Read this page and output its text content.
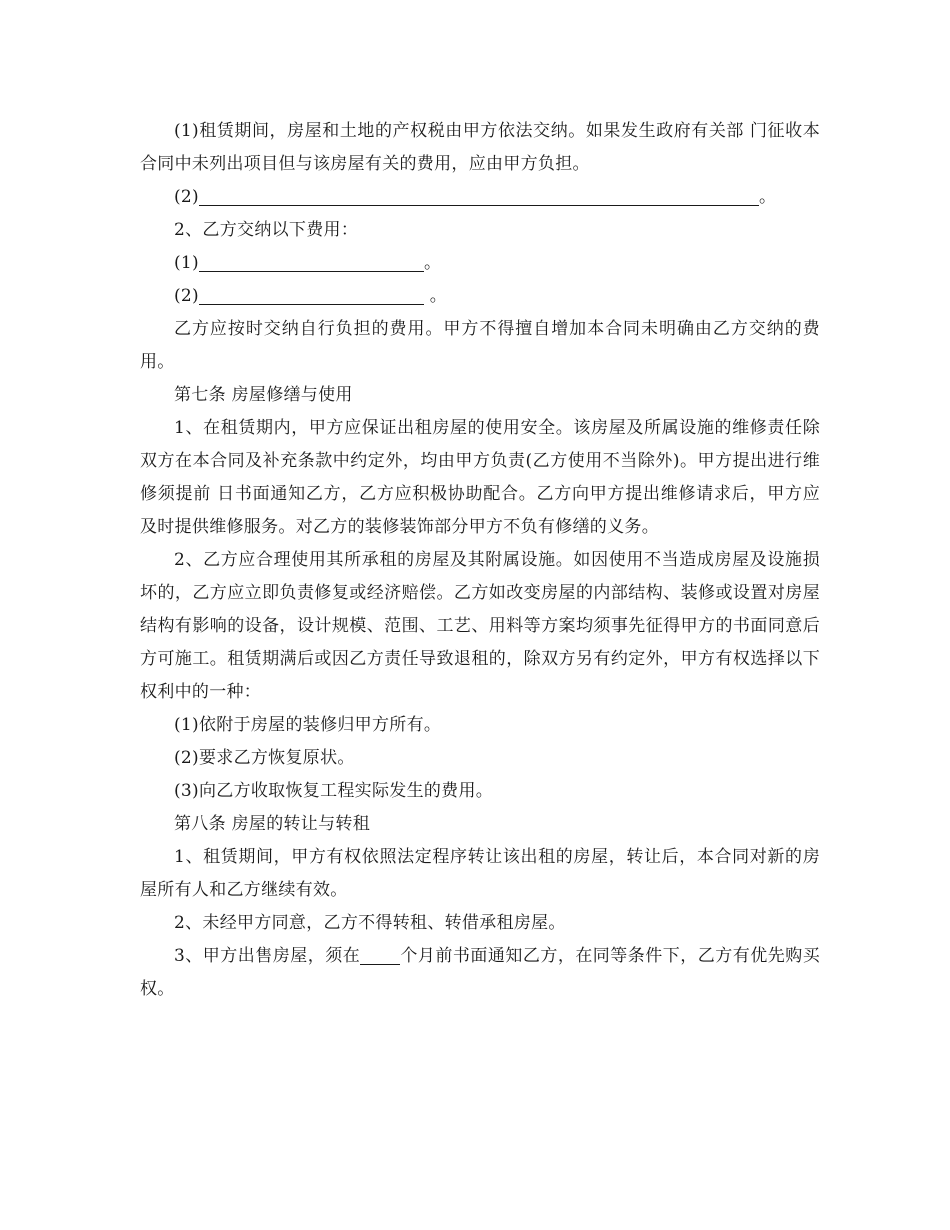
(1)租赁期间，房屋和土地的产权税由甲方依法交纳。如果发生政府有关部 门征收本合同中未列出项目但与该房屋有关的费用，应由甲方负担。

(2)	。

2、乙方交纳以下费用：

(1)	。

(2)	。

乙方应按时交纳自行负担的费用。甲方不得擅自增加本合同未明确由乙方交纳的费用。

第七条 房屋修缮与使用

1、在租赁期内，甲方应保证出租房屋的使用安全。该房屋及所属设施的维修责任除双方在本合同及补充条款中约定外，均由甲方负责(乙方使用不当除外)。甲方提出进行维修须提前 日书面通知乙方，乙方应积极协助配合。乙方向甲方提出维修请求后，甲方应及时提供维修服务。对乙方的装修装饰部分甲方不负有修缮的义务。

2、乙方应合理使用其所承租的房屋及其附属设施。如因使用不当造成房屋及设施损坏的，乙方应立即负责修复或经济赔偿。乙方如改变房屋的内部结构、装修或设置对房屋结构有影响的设备，设计规模、范围、工艺、用料等方案均须事先征得甲方的书面同意后方可施工。租赁期满后或因乙方责任导致退租的，除双方另有约定外，甲方有权选择以下权利中的一种：

(1)依附于房屋的装修归甲方所有。

(2)要求乙方恢复原状。

(3)向乙方收取恢复工程实际发生的费用。

第八条 房屋的转让与转租

1、租赁期间，甲方有权依照法定程序转让该出租的房屋，转让后，本合同对新的房屋所有人和乙方继续有效。

2、未经甲方同意，乙方不得转租、转借承租房屋。

3、甲方出售房屋，须在 个月前书面通知乙方，在同等条件下，乙方有优先购买权。
